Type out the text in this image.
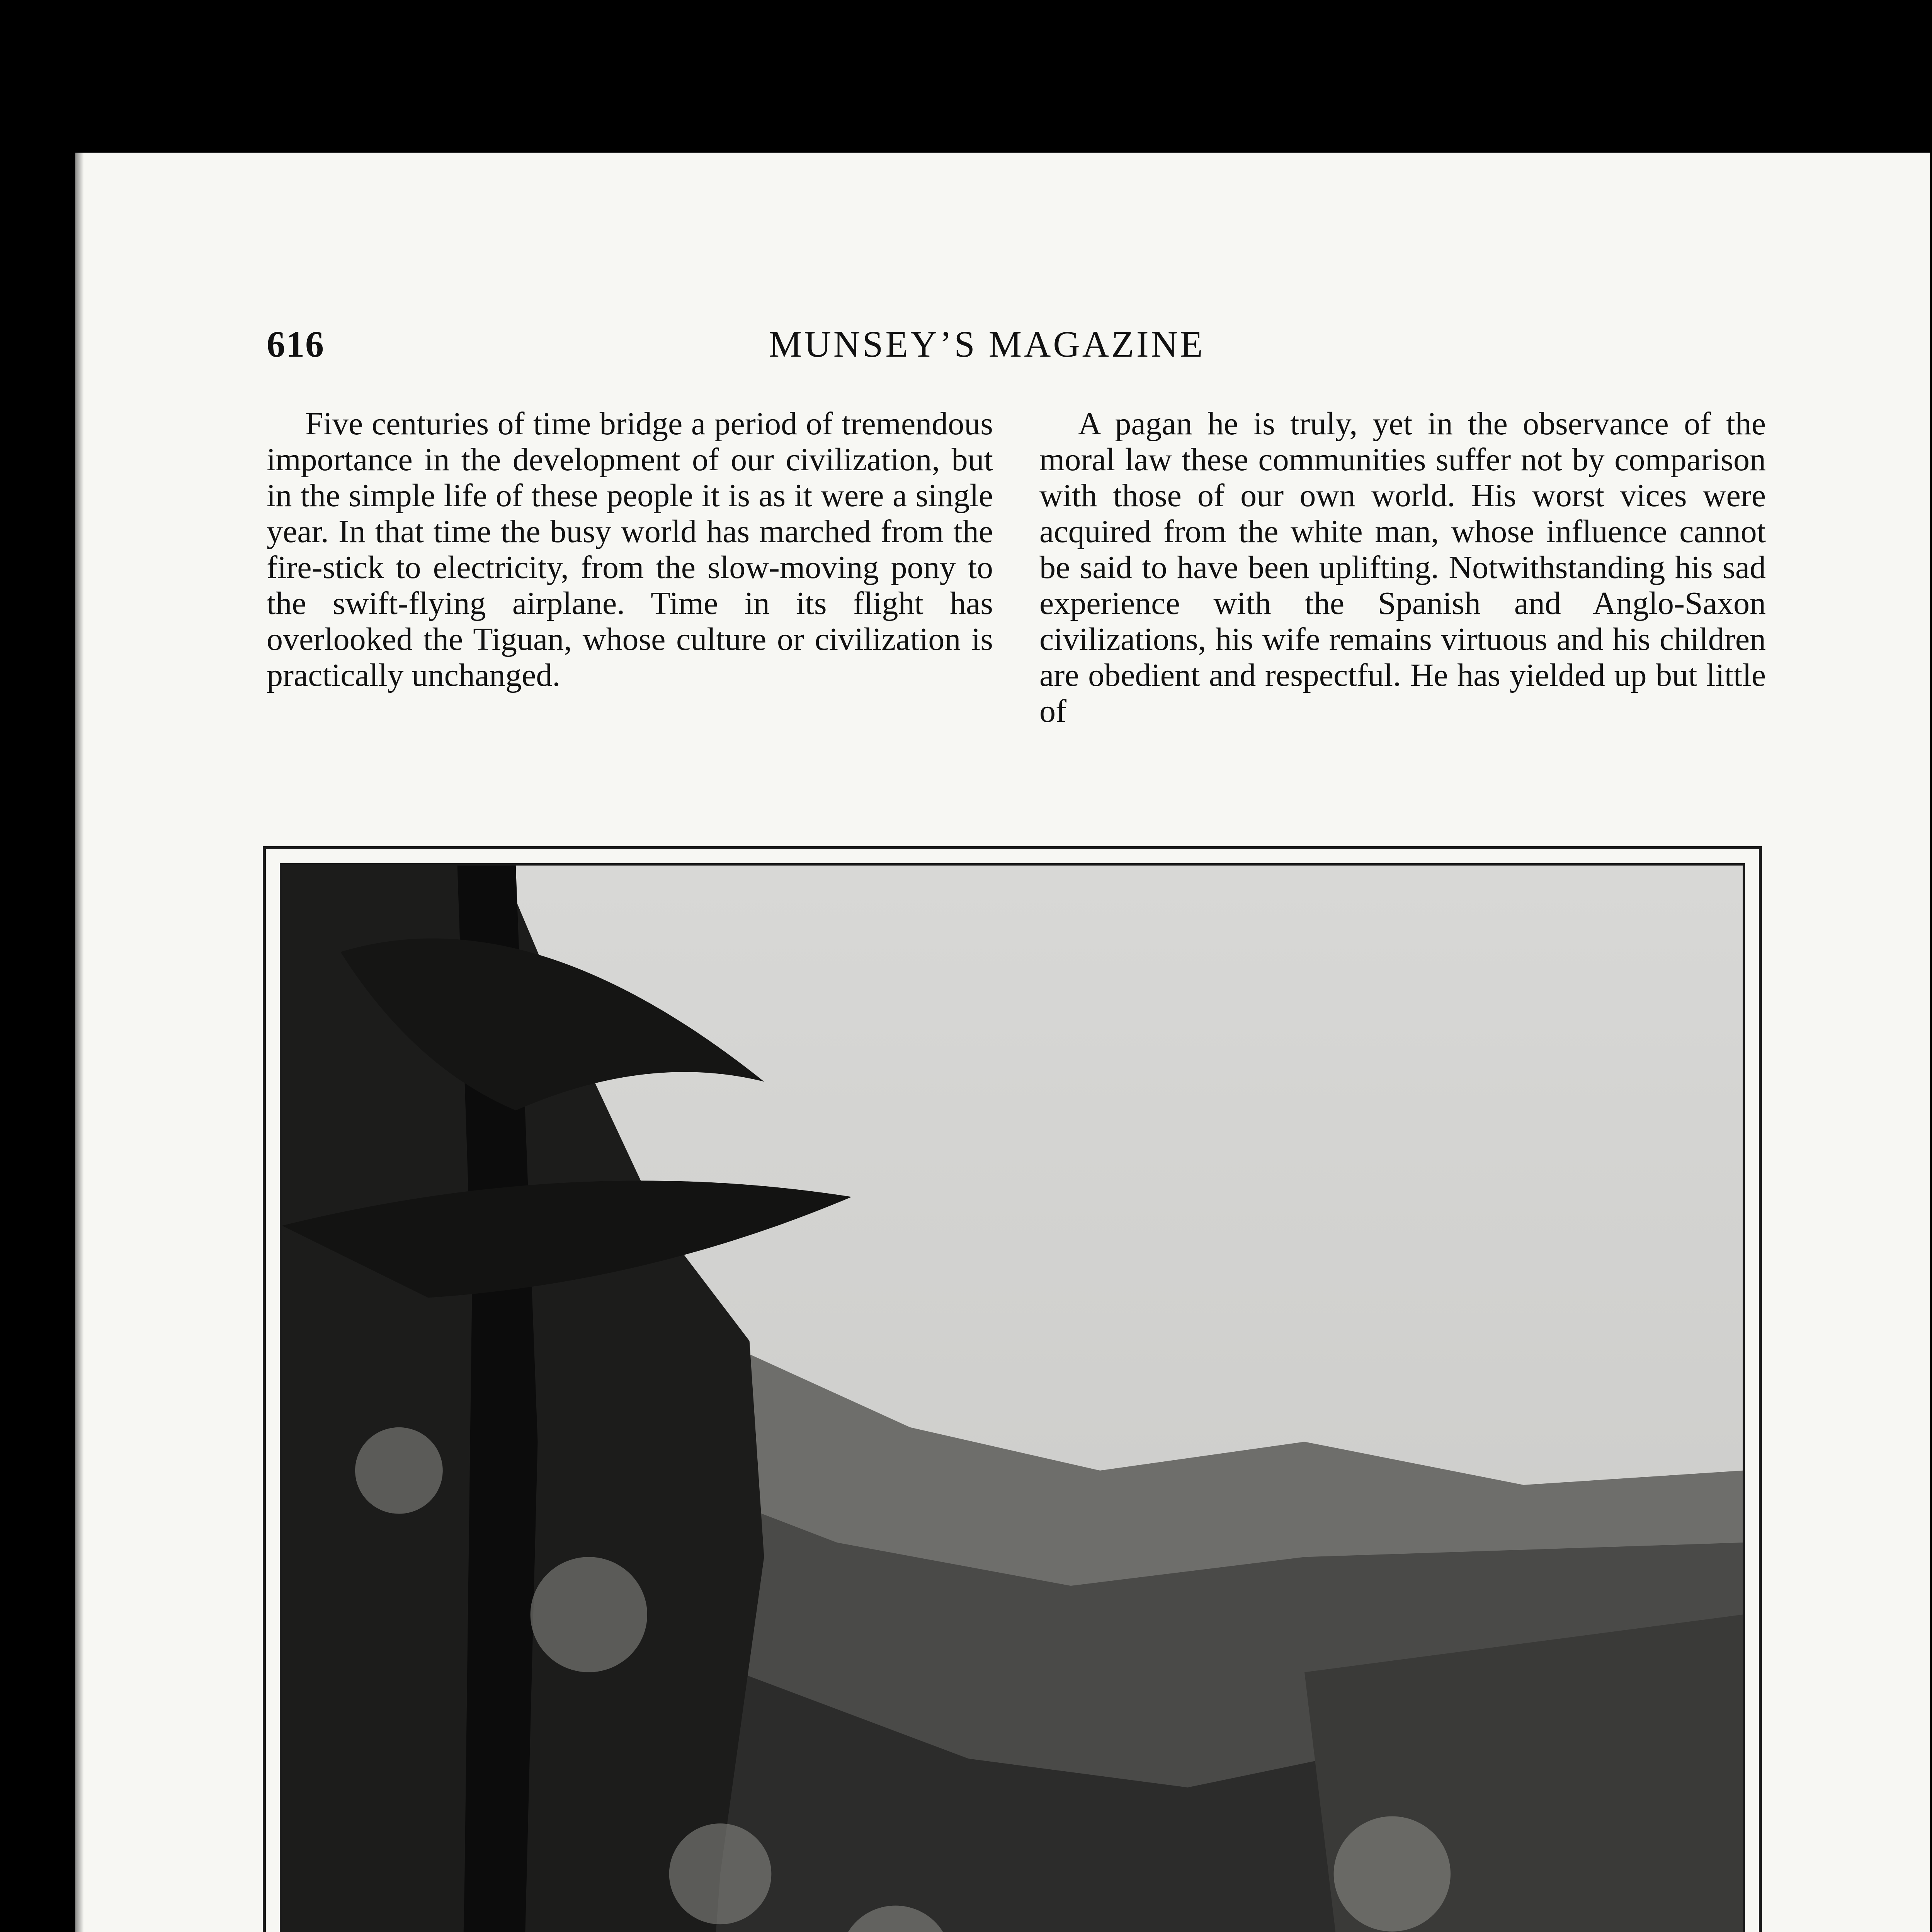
616	MUNSEY’S MAGAZINE

Five centuries of time bridge a period of tremendous importance in the development of our civilization, but in the simple life of these people it is as it were a single year. In that time the busy world has marched from the fire-stick to electricity, from the slow-moving pony to the swift-flying airplane. Time in its flight has overlooked the Tiguan, whose culture or civilization is practically unchanged.

A pagan he is truly, yet in the observance of the moral law these communities suffer not by comparison with those of our own world. His worst vices were acquired from the white man, whose influence cannot be said to have been uplifting. Notwithstanding his sad experience with the Spanish and Anglo-Saxon civilizations, his wife remains virtuous and his children are obedient and respectful. He has yielded up but little of
